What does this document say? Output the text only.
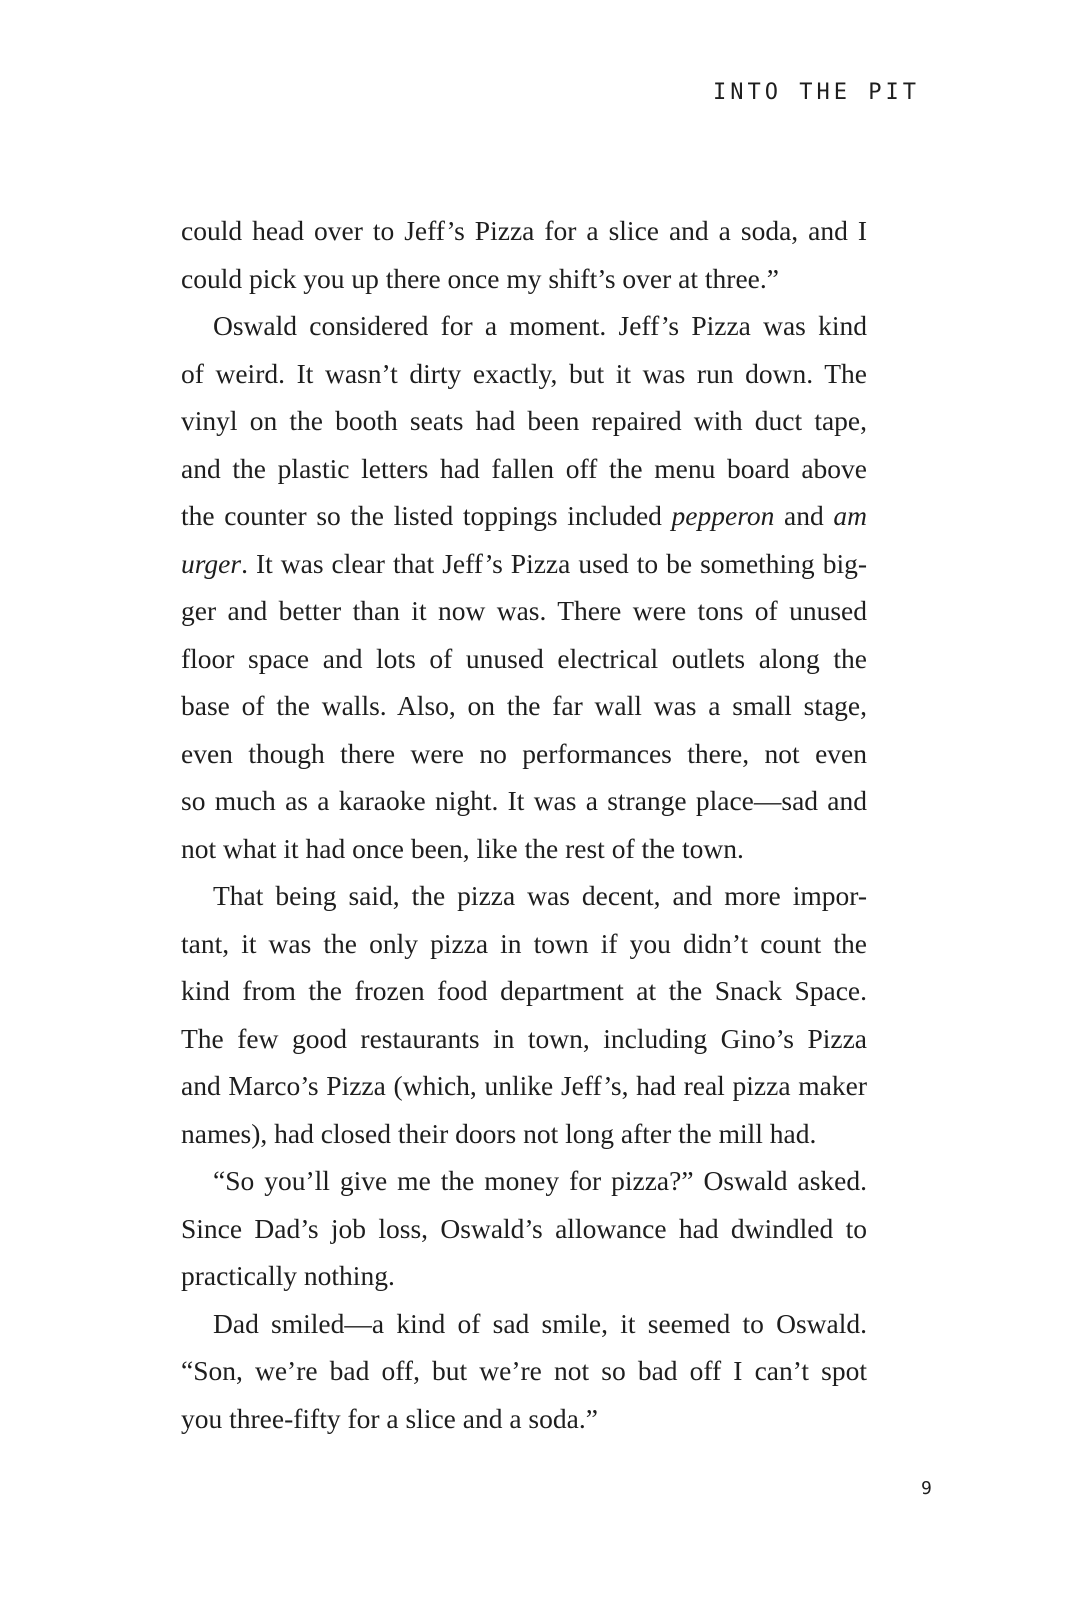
INTO THE PIT
could head over to Jeff’s Pizza for a slice and a soda, and I
could pick you up there once my shift’s over at three.”
Oswald considered for a moment. Jeff’s Pizza was kind
of weird. It wasn’t dirty exactly, but it was run down. The
vinyl on the booth seats had been repaired with duct tape,
and the plastic letters had fallen off the menu board above
the counter so the listed toppings included pepperon and am
urger. It was clear that Jeff’s Pizza used to be something big-
ger and better than it now was. There were tons of unused
floor space and lots of unused electrical outlets along the
base of the walls. Also, on the far wall was a small stage,
even though there were no performances there, not even
so much as a karaoke night. It was a strange place—sad and
not what it had once been, like the rest of the town.
That being said, the pizza was decent, and more impor-
tant, it was the only pizza in town if you didn’t count the
kind from the frozen food department at the Snack Space.
The few good restaurants in town, including Gino’s Pizza
and Marco’s Pizza (which, unlike Jeff’s, had real pizza maker
names), had closed their doors not long after the mill had.
“So you’ll give me the money for pizza?” Oswald asked.
Since Dad’s job loss, Oswald’s allowance had dwindled to
practically nothing.
Dad smiled—a kind of sad smile, it seemed to Oswald.
“Son, we’re bad off, but we’re not so bad off I can’t spot
you three-fifty for a slice and a soda.”
9
